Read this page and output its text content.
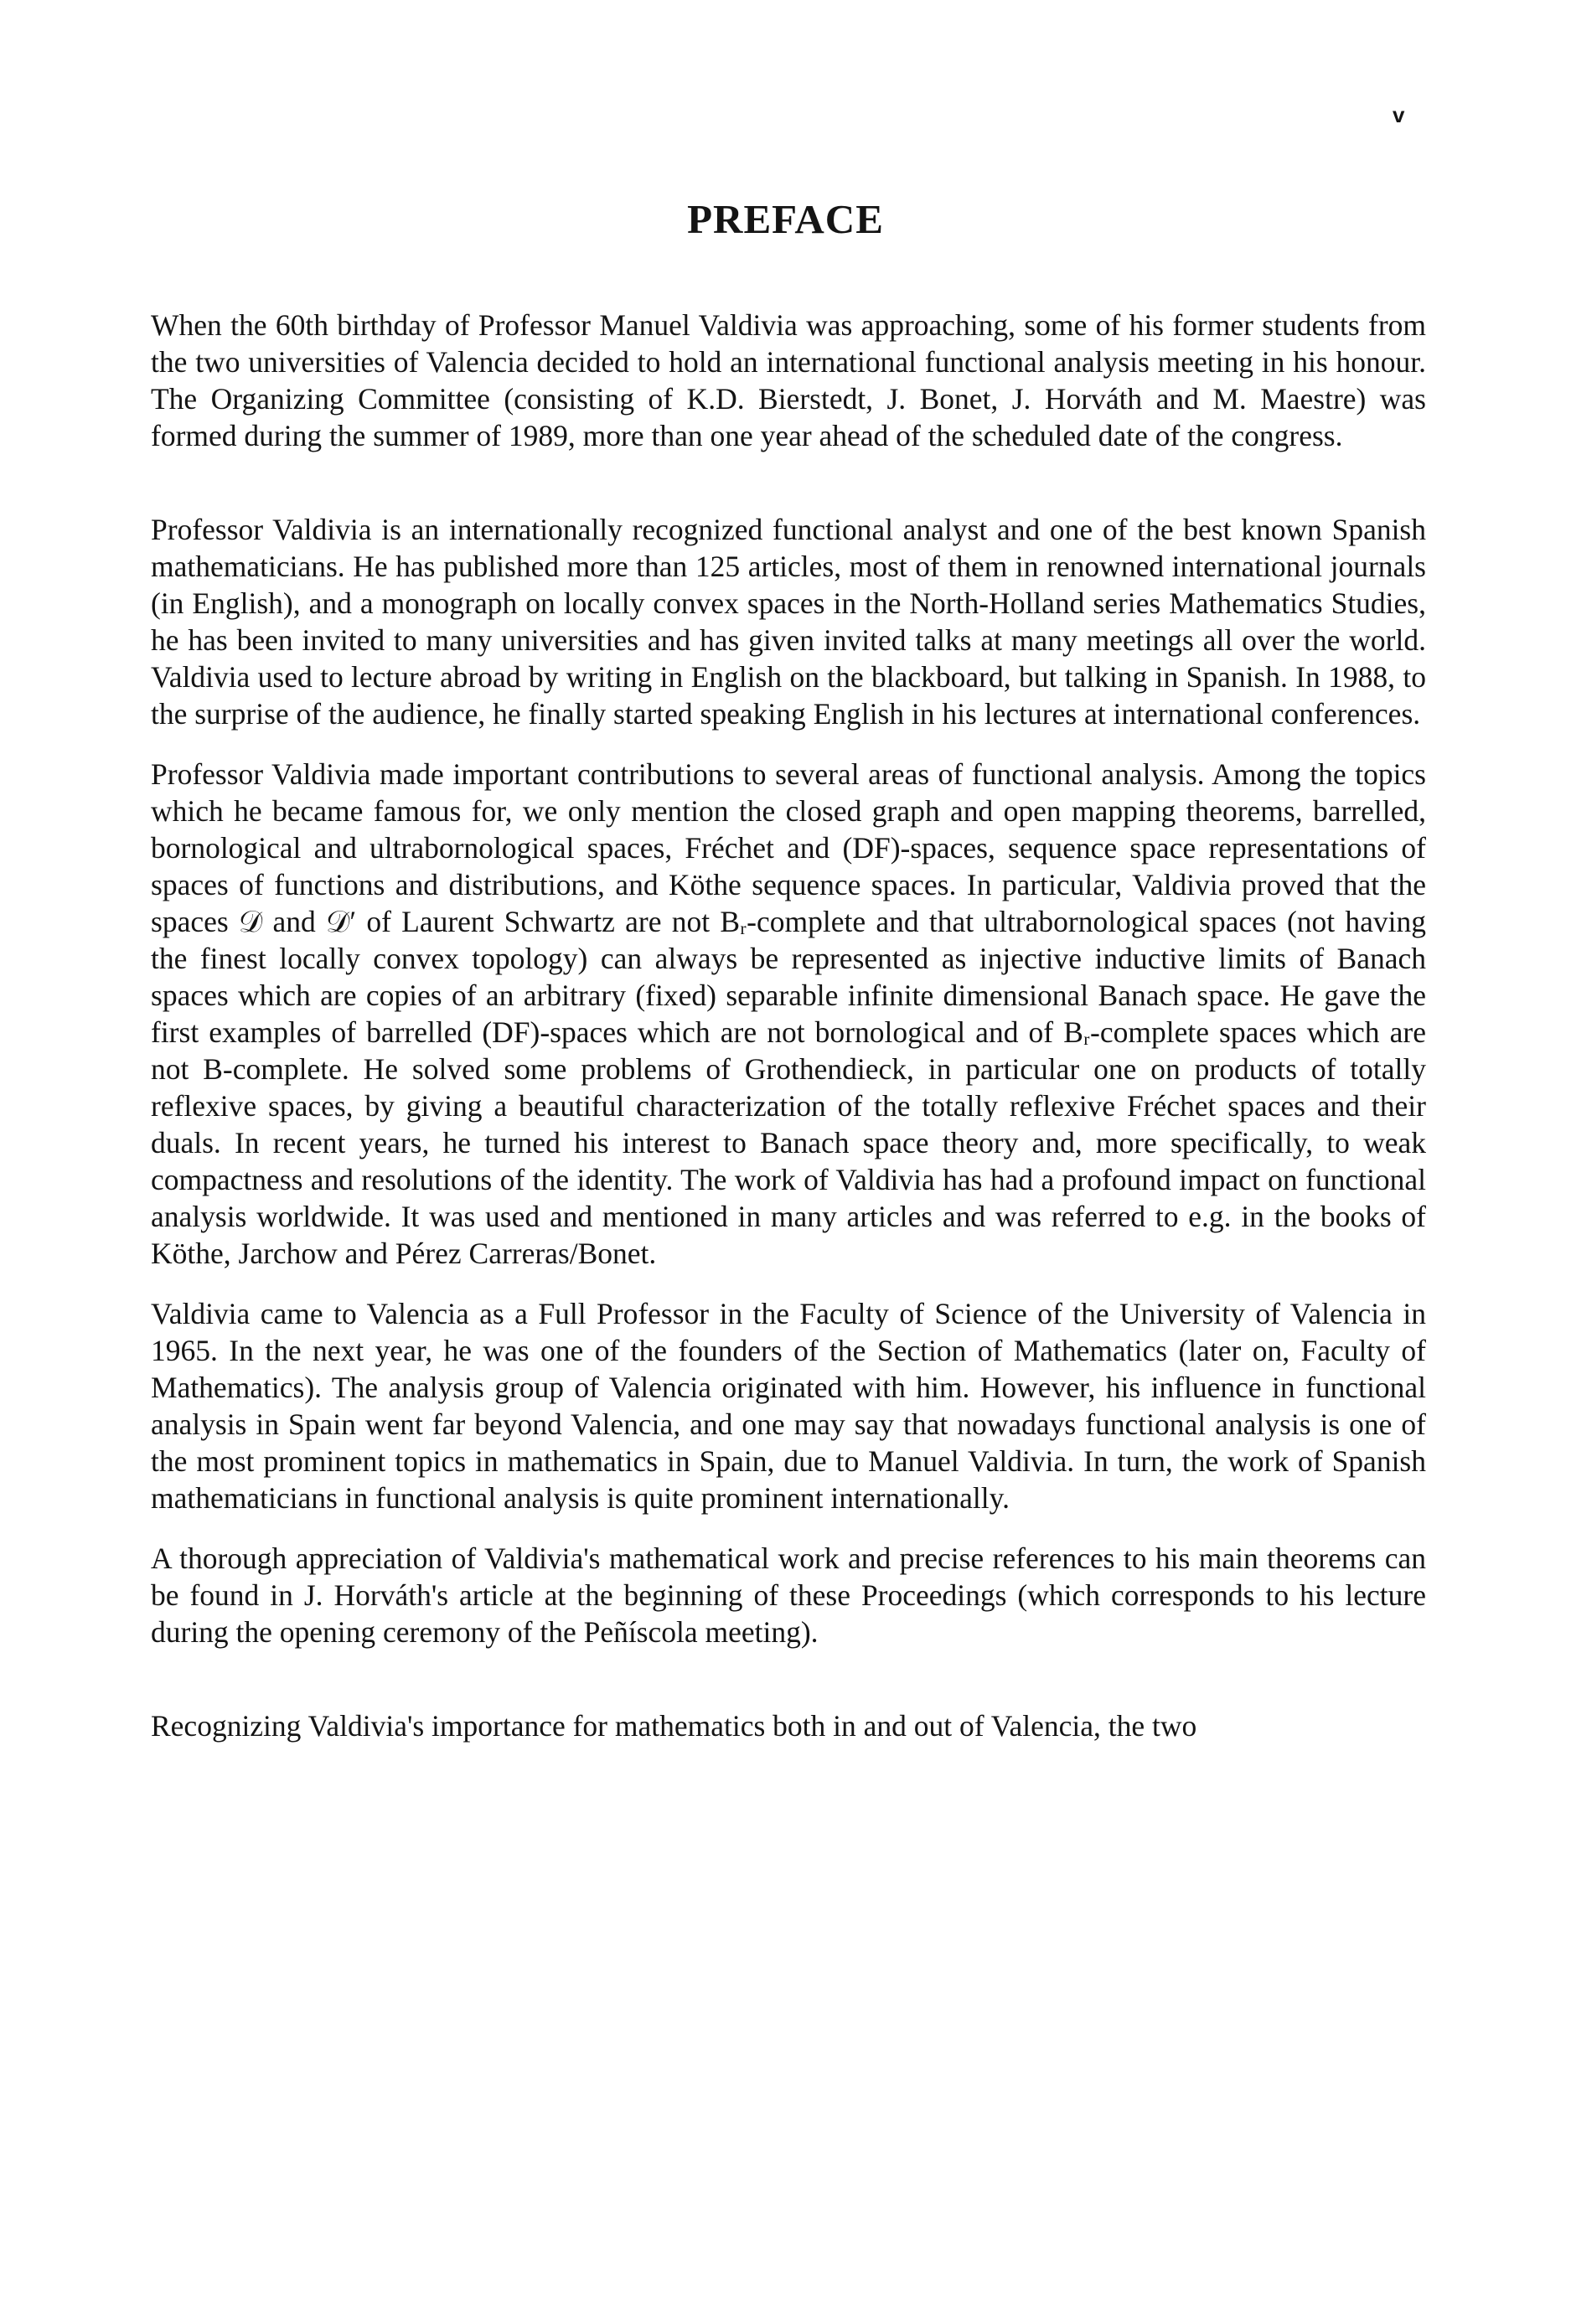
v
PREFACE

When the 60th birthday of Professor Manuel Valdivia was approaching, some of his former students from the two universities of Valencia decided to hold an international functional analysis meeting in his honour. The Organizing Committee (consisting of K.D. Bierstedt, J. Bonet, J. Horváth and M. Maestre) was formed during the summer of 1989, more than one year ahead of the scheduled date of the congress.

Professor Valdivia is an internationally recognized functional analyst and one of the best known Spanish mathematicians. He has published more than 125 articles, most of them in renowned international journals (in English), and a monograph on locally convex spaces in the North-Holland series Mathematics Studies, he has been invited to many universities and has given invited talks at many meetings all over the world. Valdivia used to lecture abroad by writing in English on the blackboard, but talking in Spanish. In 1988, to the surprise of the audience, he finally started speaking English in his lectures at international conferences.

Professor Valdivia made important contributions to several areas of functional analysis. Among the topics which he became famous for, we only mention the closed graph and open mapping theorems, barrelled, bornological and ultrabornological spaces, Fréchet and (DF)-spaces, sequence space representations of spaces of functions and distributions, and Köthe sequence spaces. In particular, Valdivia proved that the spaces 𝒟 and 𝒟′ of Laurent Schwartz are not Bᵣ-complete and that ultrabornological spaces (not having the finest locally convex topology) can always be represented as injective inductive limits of Banach spaces which are copies of an arbitrary (fixed) separable infinite dimensional Banach space. He gave the first examples of barrelled (DF)-spaces which are not bornological and of Bᵣ-complete spaces which are not B-complete. He solved some problems of Grothendieck, in particular one on products of totally reflexive spaces, by giving a beautiful characterization of the totally reflexive Fréchet spaces and their duals. In recent years, he turned his interest to Banach space theory and, more specifically, to weak compactness and resolutions of the identity. The work of Valdivia has had a profound impact on functional analysis worldwide. It was used and mentioned in many articles and was referred to e.g. in the books of Köthe, Jarchow and Pérez Carreras/Bonet.

Valdivia came to Valencia as a Full Professor in the Faculty of Science of the University of Valencia in 1965. In the next year, he was one of the founders of the Section of Mathematics (later on, Faculty of Mathematics). The analysis group of Valencia originated with him. However, his influence in functional analysis in Spain went far beyond Valencia, and one may say that nowadays functional analysis is one of the most prominent topics in mathematics in Spain, due to Manuel Valdivia. In turn, the work of Spanish mathematicians in functional analysis is quite prominent internationally.

A thorough appreciation of Valdivia's mathematical work and precise references to his main theorems can be found in J. Horváth's article at the beginning of these Proceedings (which corresponds to his lecture during the opening ceremony of the Peñíscola meeting).

Recognizing Valdivia's importance for mathematics both in and out of Valencia, the two
